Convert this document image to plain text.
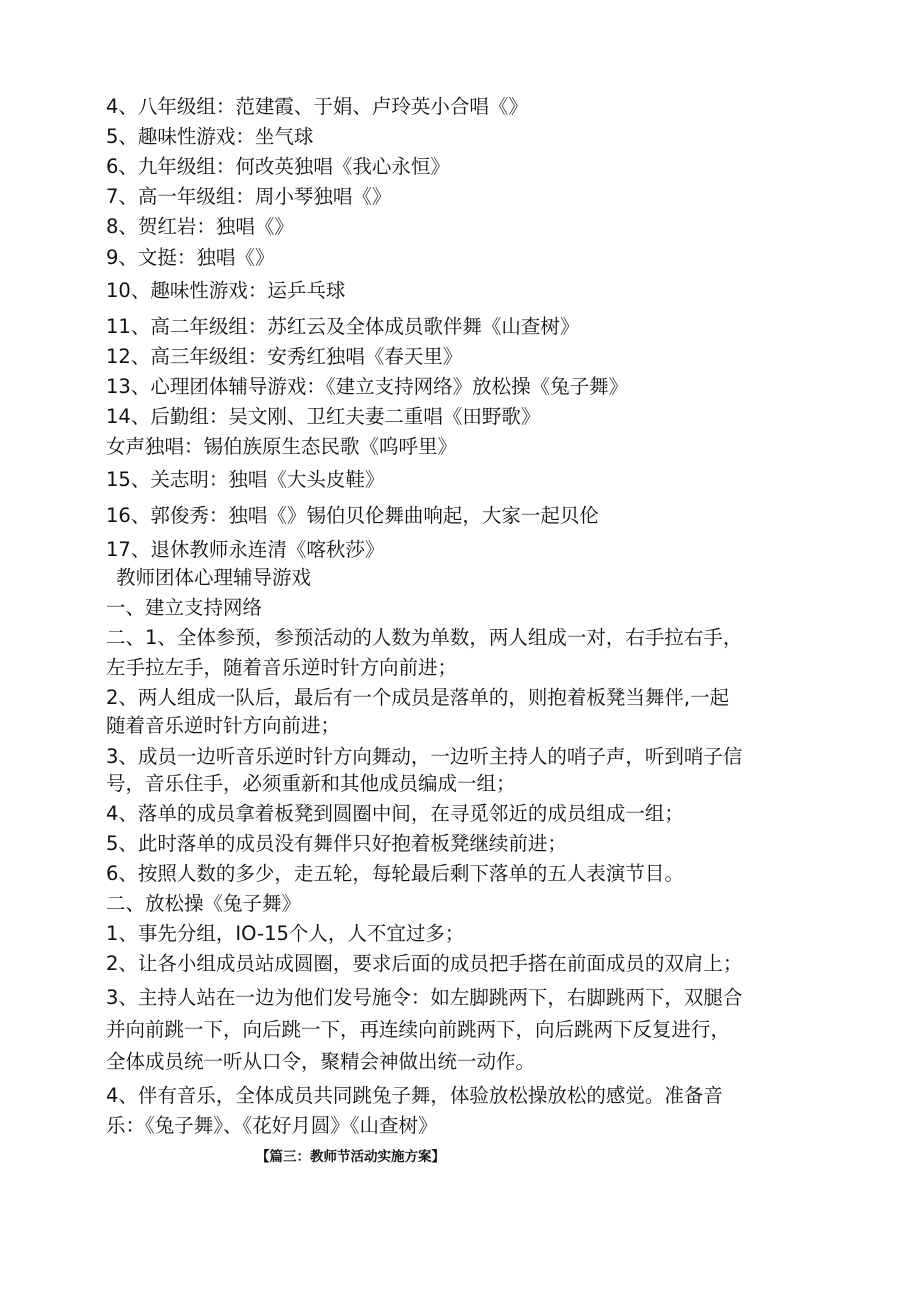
4、八年级组：范建霞、于娟、卢玲英小合唱《》
5、趣味性游戏：坐气球
6、九年级组：何改英独唱《我心永恒》
7、高一年级组：周小琴独唱《》
8、贺红岩：独唱《》
9、文挺：独唱《》
10、趣味性游戏：运乒乓球
11、高二年级组：苏红云及全体成员歌伴舞《山查树》
12、高三年级组：安秀红独唱《春天里》
13、心理团体辅导游戏：《建立支持网络》放松操《兔子舞》
14、后勤组：吴文刚、卫红夫妻二重唱《田野歌》
女声独唱：锡伯族原生态民歌《呜呼里》
15、关志明：独唱《大头皮鞋》
16、郭俊秀：独唱《》锡伯贝伦舞曲响起，大家一起贝伦
17、退休教师永连清《喀秋莎》
教师团体心理辅导游戏
一、建立支持网络
二、1、全体参预，参预活动的人数为单数，两人组成一对，右手拉右手，
左手拉左手，随着音乐逆时针方向前进；
2、两人组成一队后，最后有一个成员是落单的，则抱着板凳当舞伴,一起
随着音乐逆时针方向前进；
3、成员一边听音乐逆时针方向舞动，一边听主持人的哨子声，听到哨子信
号，音乐住手，必须重新和其他成员编成一组；
4、落单的成员拿着板凳到圆圈中间，在寻觅邻近的成员组成一组；
5、此时落单的成员没有舞伴只好抱着板凳继续前进；
6、按照人数的多少，走五轮，每轮最后剩下落单的五人表演节目。
二、放松操《兔子舞》
1、事先分组，IO-15个人，人不宜过多；
2、让各小组成员站成圆圈，要求后面的成员把手搭在前面成员的双肩上；
3、主持人站在一边为他们发号施令：如左脚跳两下，右脚跳两下，双腿合
并向前跳一下，向后跳一下，再连续向前跳两下，向后跳两下反复进行，
全体成员统一听从口令，聚精会神做出统一动作。
4、伴有音乐，全体成员共同跳兔子舞，体验放松操放松的感觉。准备音
乐：《兔子舞》、《花好月圆》《山查树》
【篇三：教师节活动实施方案】
